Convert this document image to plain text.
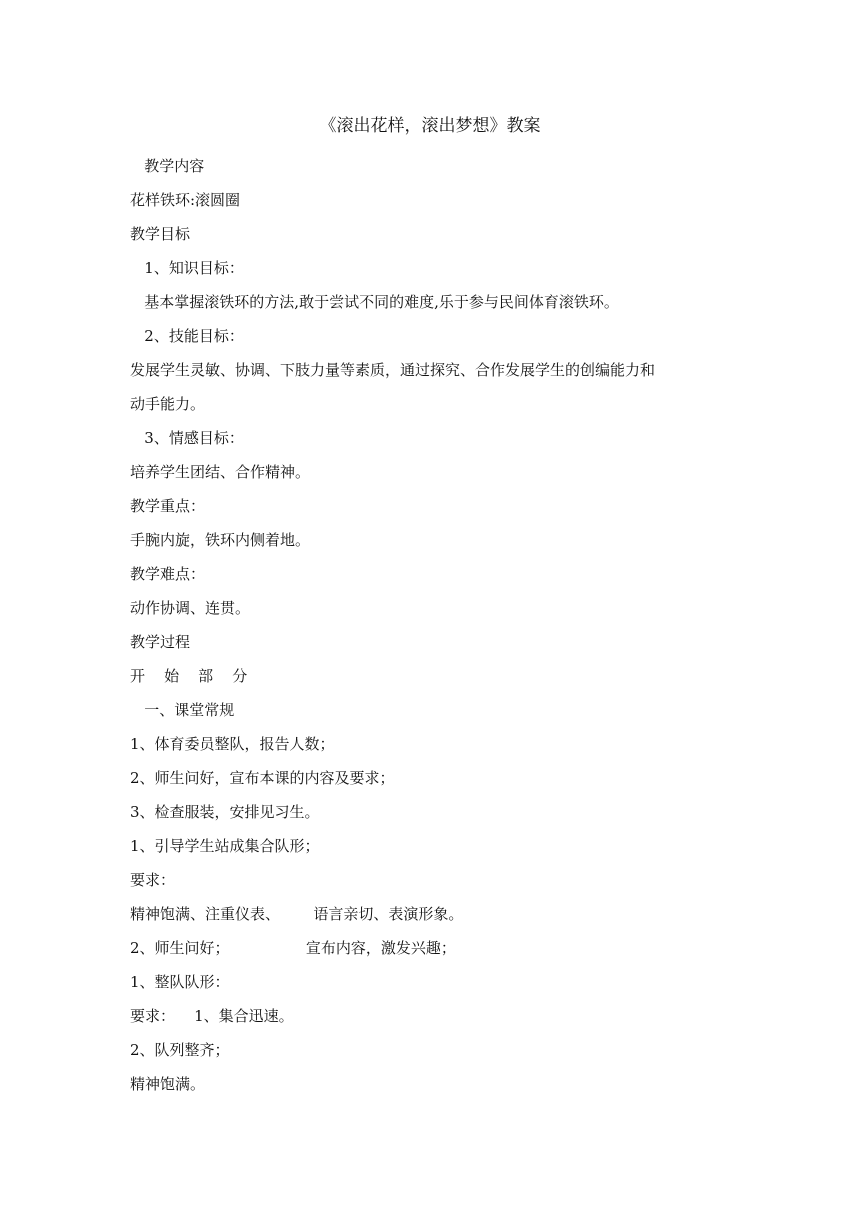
《滚出花样，滚出梦想》教案
教学内容
花样铁环:滚圆圈
教学目标
1、知识目标：
基本掌握滚铁环的方法,敢于尝试不同的难度,乐于参与民间体育滚铁环。
2、技能目标：
发展学生灵敏、协调、下肢力量等素质，通过探究、合作发展学生的创编能力和
动手能力。
3、情感目标：
培养学生团结、合作精神。
教学重点：
手腕内旋，铁环内侧着地。
教学难点：
动作协调、连贯。
教学过程
开    始    部    分
一、课堂常规
1、体育委员整队，报告人数；
2、师生问好，宣布本课的内容及要求；
3、检查服装，安排见习生。
1、引导学生站成集合队形；
要求：
精神饱满、注重仪表、       语言亲切、表演形象。
2、师生问好；                宣布内容，激发兴趣；
1、整队队形：
要求：    1、集合迅速。
2、队列整齐；
精神饱满。
